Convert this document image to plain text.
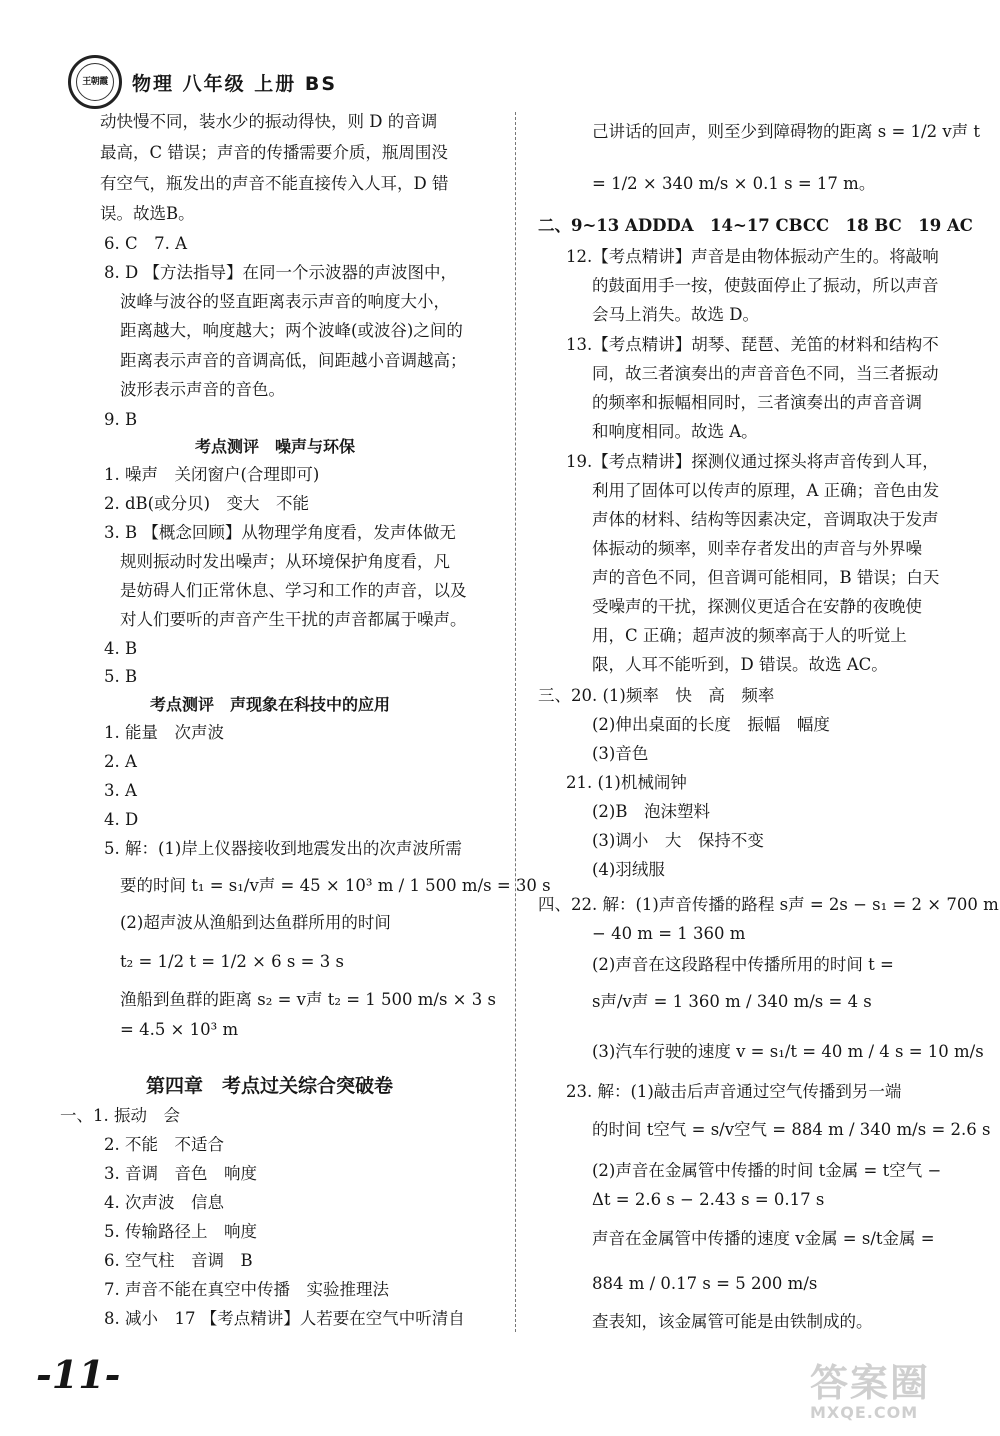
王朝霞 物理 八年级 上册 BS
动快慢不同，装水少的振动得快，则 D 的音调
最高，C 错误；声音的传播需要介质，瓶周围没
有空气，瓶发出的声音不能直接传入人耳，D 错
误。故选B。
6. C　7. A
8. D 【方法指导】在同一个示波器的声波图中，
波峰与波谷的竖直距离表示声音的响度大小，
距离越大，响度越大；两个波峰(或波谷)之间的
距离表示声音的音调高低，间距越小音调越高；
波形表示声音的音色。
9. B
考点测评　噪声与环保
1. 噪声　关闭窗户(合理即可)
2. dB(或分贝)　变大　不能
3. B 【概念回顾】从物理学角度看，发声体做无
规则振动时发出噪声；从环境保护角度看，凡
是妨碍人们正常休息、学习和工作的声音，以及
对人们要听的声音产生干扰的声音都属于噪声。
4. B
5. B
考点测评　声现象在科技中的应用
1. 能量　次声波
2. A
3. A
4. D
5. 解：(1)岸上仪器接收到地震发出的次声波所需
要的时间 t₁ = s₁/v声 = 45 × 10³ m / 1 500 m/s = 30 s
(2)超声波从渔船到达鱼群所用的时间
t₂ = 1/2 t = 1/2 × 6 s = 3 s
渔船到鱼群的距离 s₂ = v声 t₂ = 1 500 m/s × 3 s
= 4.5 × 10³ m
第四章　考点过关综合突破卷
一、1. 振动　会
2. 不能　不适合
3. 音调　音色　响度
4. 次声波　信息
5. 传输路径上　响度
6. 空气柱　音调　B
7. 声音不能在真空中传播　实验推理法
8. 减小　17 【考点精讲】人若要在空气中听清自
己讲话的回声，则至少到障碍物的距离 s = 1/2 v声 t
= 1/2 × 340 m/s × 0.1 s = 17 m。
二、9~13 ADDDA　14~17 CBCC　18 BC　19 AC
12.【考点精讲】声音是由物体振动产生的。将敲响
的鼓面用手一按，使鼓面停止了振动，所以声音
会马上消失。故选 D。
13.【考点精讲】胡琴、琵琶、羌笛的材料和结构不
同，故三者演奏出的声音音色不同，当三者振动
的频率和振幅相同时，三者演奏出的声音音调
和响度相同。故选 A。
19.【考点精讲】探测仪通过探头将声音传到人耳，
利用了固体可以传声的原理，A 正确；音色由发
声体的材料、结构等因素决定，音调取决于发声
体振动的频率，则幸存者发出的声音与外界噪
声的音色不同，但音调可能相同，B 错误；白天
受噪声的干扰，探测仪更适合在安静的夜晚使
用，C 正确；超声波的频率高于人的听觉上
限，人耳不能听到，D 错误。故选 AC。
三、20. (1)频率　快　高　频率
(2)伸出桌面的长度　振幅　幅度
(3)音色
21. (1)机械闹钟
(2)B　泡沫塑料
(3)调小　大　保持不变
(4)羽绒服
四、22. 解：(1)声音传播的路程 s声 = 2s − s₁ = 2 × 700 m
− 40 m = 1 360 m
(2)声音在这段路程中传播所用的时间 t =
s声/v声 = 1 360 m / 340 m/s = 4 s
(3)汽车行驶的速度 v = s₁/t = 40 m / 4 s = 10 m/s
23. 解：(1)敲击后声音通过空气传播到另一端
的时间 t空气 = s/v空气 = 884 m / 340 m/s = 2.6 s
(2)声音在金属管中传播的时间 t金属 = t空气 −
Δt = 2.6 s − 2.43 s = 0.17 s
声音在金属管中传播的速度 v金属 = s/t金属 =
884 m / 0.17 s = 5 200 m/s
查表知，该金属管可能是由铁制成的。
-11-	答案圈
MXQE.COM
